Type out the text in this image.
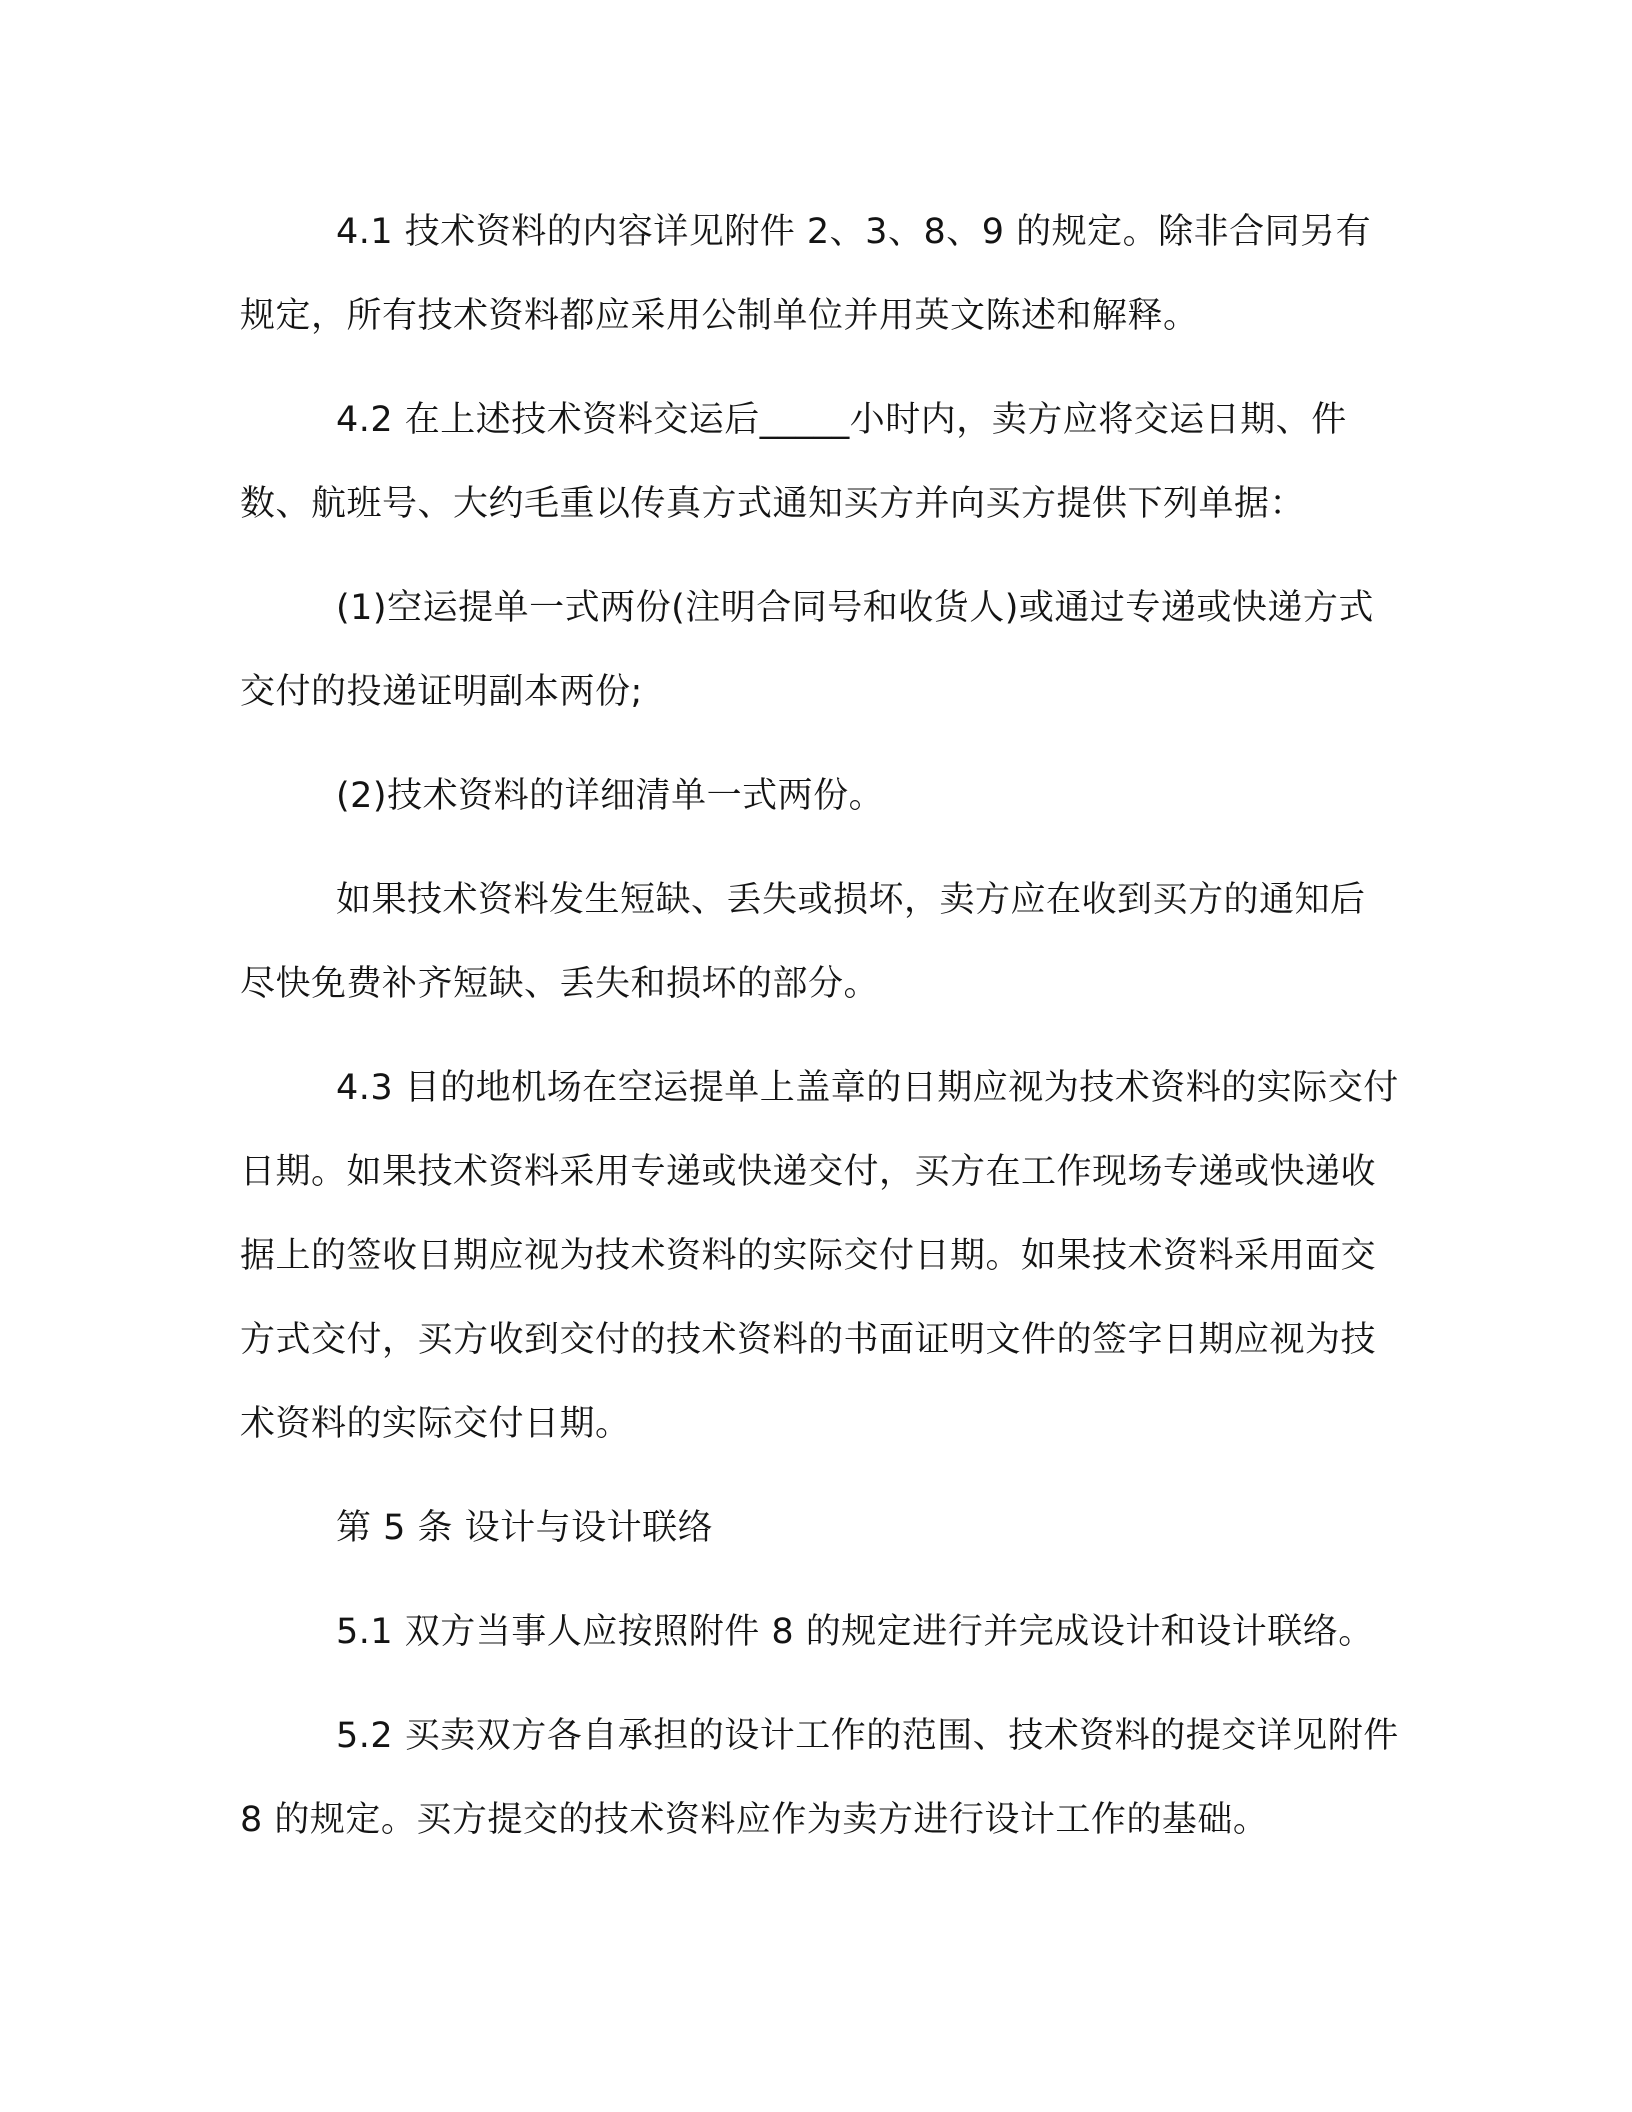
4.1 技术资料的内容详见附件 2、3、8、9 的规定。除非合同另有规定，所有技术资料都应采用公制单位并用英文陈述和解释。

4.2 在上述技术资料交运后_____小时内，卖方应将交运日期、件数、航班号、大约毛重以传真方式通知买方并向买方提供下列单据：

(1)空运提单一式两份(注明合同号和收货人)或通过专递或快递方式交付的投递证明副本两份;

(2)技术资料的详细清单一式两份。

如果技术资料发生短缺、丢失或损坏，卖方应在收到买方的通知后尽快免费补齐短缺、丢失和损坏的部分。

4.3 目的地机场在空运提单上盖章的日期应视为技术资料的实际交付日期。如果技术资料采用专递或快递交付，买方在工作现场专递或快递收据上的签收日期应视为技术资料的实际交付日期。如果技术资料采用面交方式交付，买方收到交付的技术资料的书面证明文件的签字日期应视为技术资料的实际交付日期。

第 5 条 设计与设计联络

5.1 双方当事人应按照附件 8 的规定进行并完成设计和设计联络。

5.2 买卖双方各自承担的设计工作的范围、技术资料的提交详见附件 8 的规定。买方提交的技术资料应作为卖方进行设计工作的基础。
